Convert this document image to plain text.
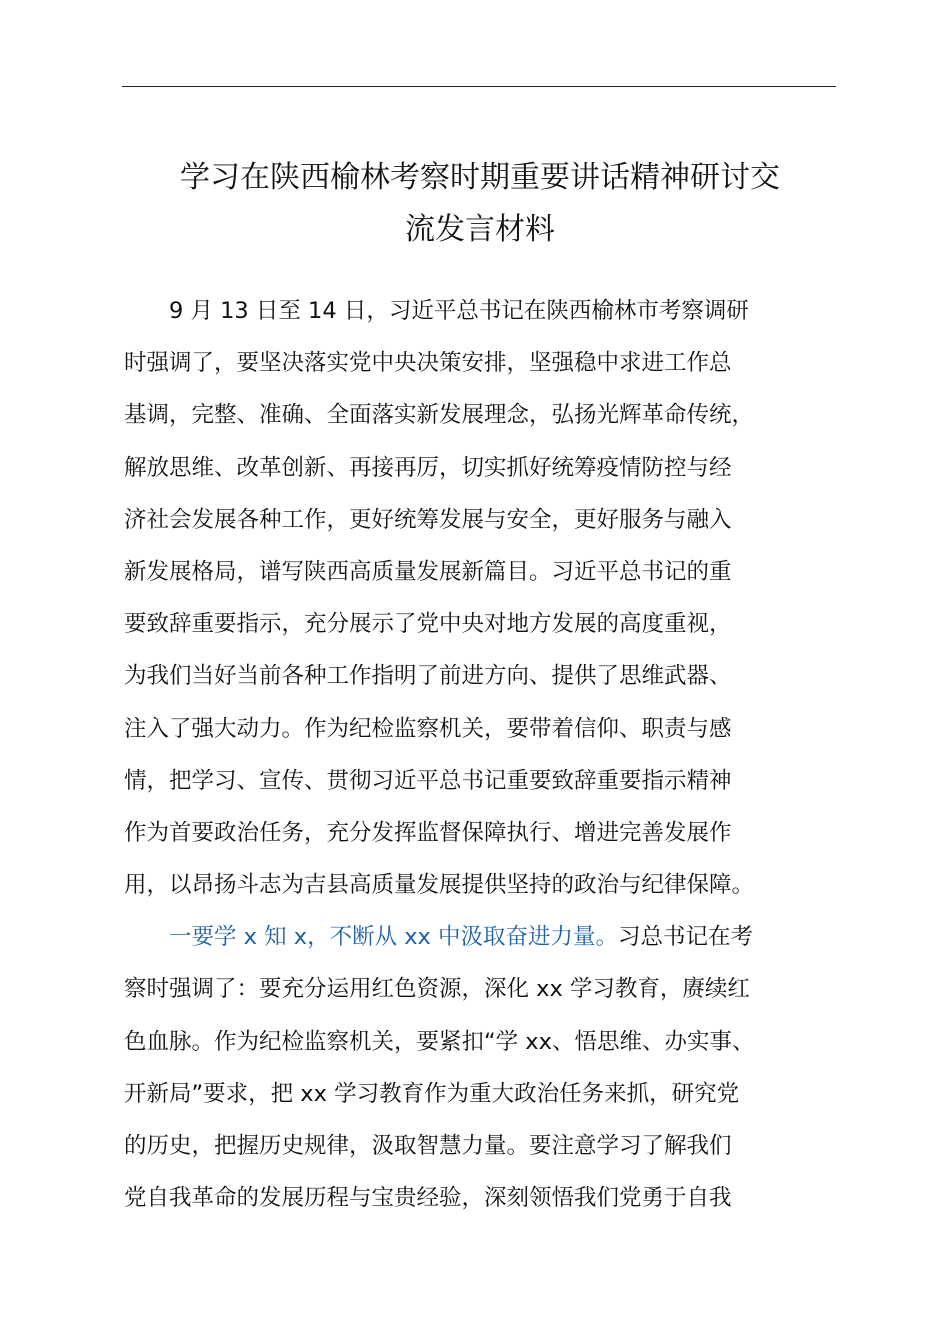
学习在陕西榆林考察时期重要讲话精神研讨交
流发言材料
9 月 13 日至 14 日，习近平总书记在陕西榆林市考察调研
时强调了，要坚决落实党中央决策安排，坚强稳中求进工作总
基调，完整、准确、全面落实新发展理念，弘扬光辉革命传统，
解放思维、改革创新、再接再厉，切实抓好统筹疫情防控与经
济社会发展各种工作，更好统筹发展与安全，更好服务与融入
新发展格局，谱写陕西高质量发展新篇目。习近平总书记的重
要致辞重要指示，充分展示了党中央对地方发展的高度重视，
为我们当好当前各种工作指明了前进方向、提供了思维武器、
注入了强大动力。作为纪检监察机关，要带着信仰、职责与感
情，把学习、宣传、贯彻习近平总书记重要致辞重要指示精神
作为首要政治任务，充分发挥监督保障执行、增进完善发展作
用，以昂扬斗志为吉县高质量发展提供坚持的政治与纪律保障。
一要学 x 知 x，不断从 xx 中汲取奋进力量。习总书记在考
察时强调了：要充分运用红色资源，深化 xx 学习教育，赓续红
色血脉。作为纪检监察机关，要紧扣“学 xx、悟思维、办实事、
开新局”要求，把 xx 学习教育作为重大政治任务来抓，研究党
的历史，把握历史规律，汲取智慧力量。要注意学习了解我们
党自我革命的发展历程与宝贵经验，深刻领悟我们党勇于自我
